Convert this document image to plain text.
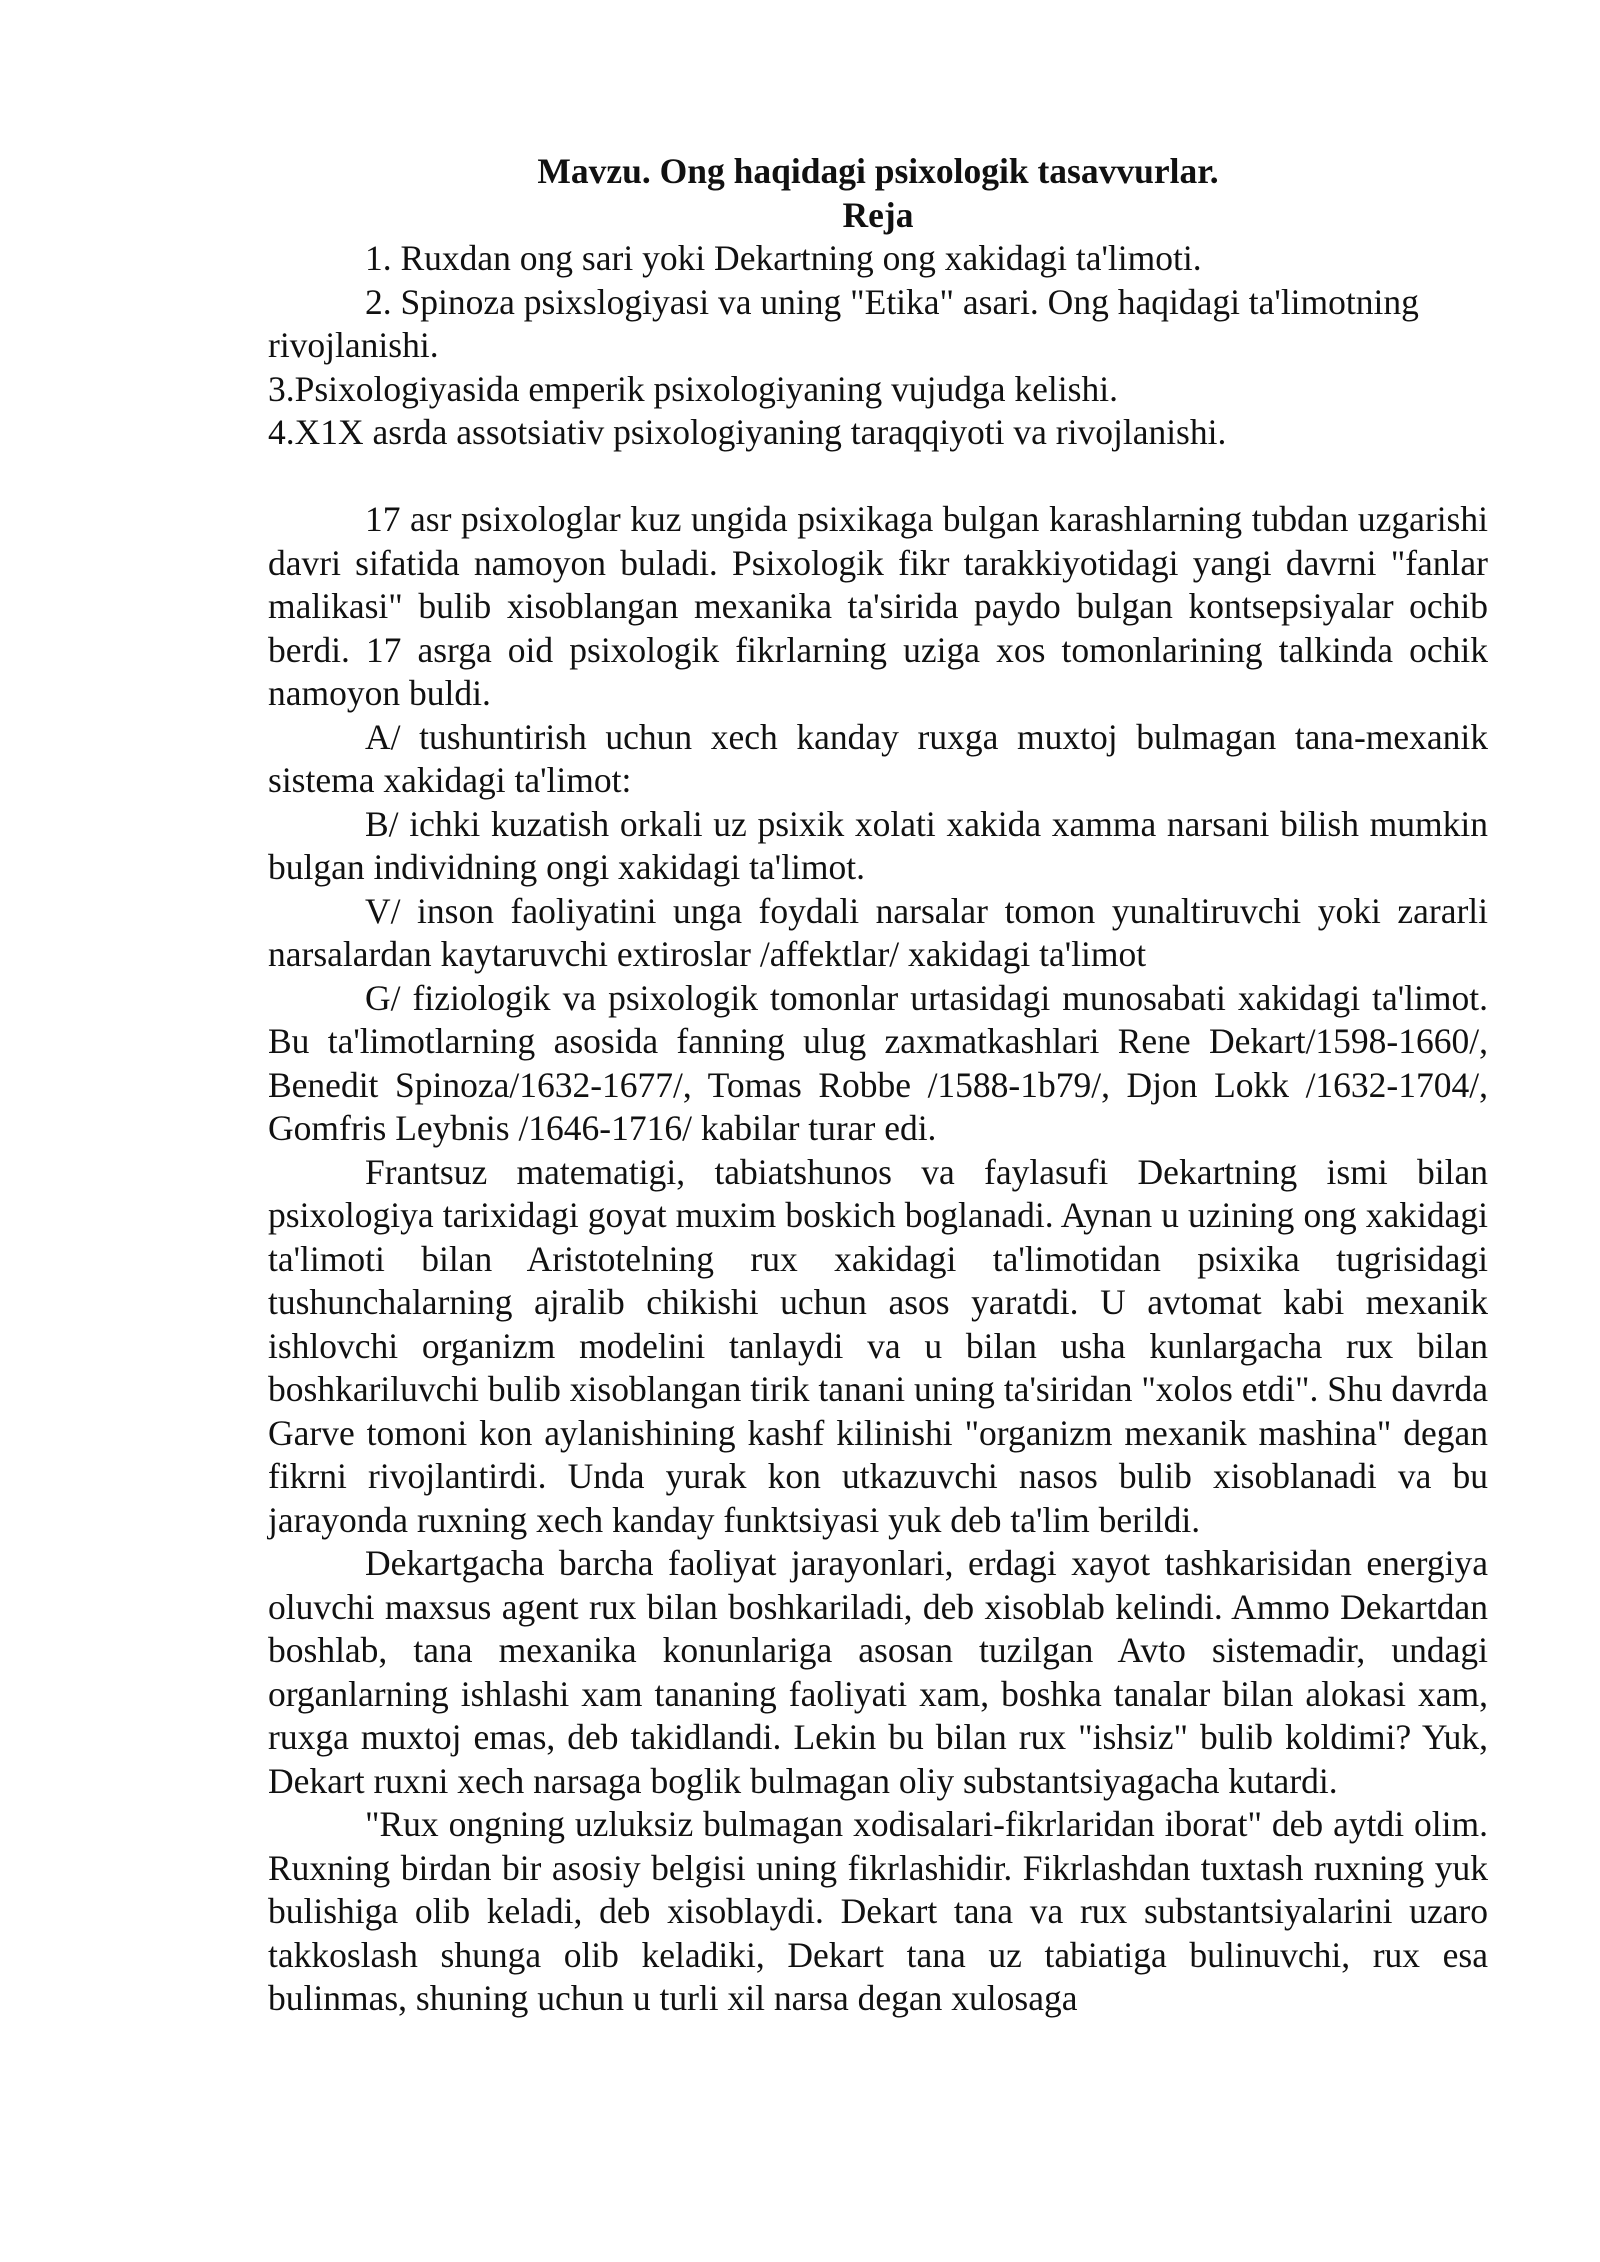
Mavzu. Ong haqidagi psixologik tasavvurlar.
Reja

1. Ruxdan ong sari yoki Dekartning ong xakidagi ta'limoti.

2. Spinoza psixslogiyasi va uning "Etika" asari. Ong haqidagi ta'limotning rivojlanishi.

3.Psixologiyasida emperik psixologiyaning vujudga kelishi.

4.X1X asrda assotsiativ psixologiyaning taraqqiyoti va rivojlanishi.

17 asr psixologlar kuz ungida psixikaga bulgan karashlarning tubdan uzgarishi davri sifatida namoyon buladi. Psixologik fikr tarakkiyotidagi yangi davrni "fanlar malikasi" bulib xisoblangan mexanika ta'sirida paydo bulgan kontsepsiyalar ochib berdi. 17 asrga oid psixologik fikrlarning uziga xos tomonlarining talkinda ochik namoyon buldi.

A/ tushuntirish uchun xech kanday ruxga muxtoj bulmagan tana-mexanik sistema xakidagi ta'limot:

B/ ichki kuzatish orkali uz psixik xolati xakida xamma narsani bilish mumkin bulgan individning ongi xakidagi ta'limot.

V/ inson faoliyatini unga foydali narsalar tomon yunaltiruvchi yoki zararli narsalardan kaytaruvchi extiroslar /affektlar/ xakidagi ta'limot

G/ fiziologik va psixologik tomonlar urtasidagi munosabati xakidagi ta'limot. Bu ta'limotlarning asosida fanning ulug zaxmatkashlari Rene Dekart/1598-1660/, Benedit Spinoza/1632-1677/, Tomas Robbe /1588-1b79/, Djon Lokk /1632-1704/, Gomfris Leybnis /1646-1716/ kabilar turar edi.

Frantsuz matematigi, tabiatshunos va faylasufi Dekartning ismi bilan psixologiya tarixidagi goyat muxim boskich boglanadi. Aynan u uzining ong xakidagi ta'limoti bilan Aristotelning rux xakidagi ta'limotidan psixika tugrisidagi tushunchalarning ajralib chikishi uchun asos yaratdi. U avtomat kabi mexanik ishlovchi organizm modelini tanlaydi va u bilan usha kunlargacha rux bilan boshkariluvchi bulib xisoblangan tirik tanani uning ta'siridan "xolos etdi". Shu davrda Garve tomoni kon aylanishining kashf kilinishi "organizm mexanik mashina" degan fikrni rivojlantirdi. Unda yurak kon utkazuvchi nasos bulib xisoblanadi va bu jarayonda ruxning xech kanday funktsiyasi yuk deb ta'lim berildi.

Dekartgacha barcha faoliyat jarayonlari, erdagi xayot tashkarisidan energiya oluvchi maxsus agent rux bilan boshkariladi, deb xisoblab kelindi. Ammo Dekartdan boshlab, tana mexanika konunlariga asosan tuzilgan Avto sistemadir, undagi organlarning ishlashi xam tananing faoliyati xam, boshka tanalar bilan alokasi xam, ruxga muxtoj emas, deb takidlandi. Lekin bu bilan rux "ishsiz" bulib koldimi? Yuk, Dekart ruxni xech narsaga boglik bulmagan oliy substantsiyagacha kutardi.

"Rux ongning uzluksiz bulmagan xodisalari-fikrlaridan iborat" deb aytdi olim. Ruxning birdan bir asosiy belgisi uning fikrlashidir. Fikrlashdan tuxtash ruxning yuk bulishiga olib keladi, deb xisoblaydi. Dekart tana va rux substantsiyalarini uzaro takkoslash shunga olib keladiki, Dekart tana uz tabiatiga bulinuvchi, rux esa bulinmas, shuning uchun u turli xil narsa degan xulosaga
